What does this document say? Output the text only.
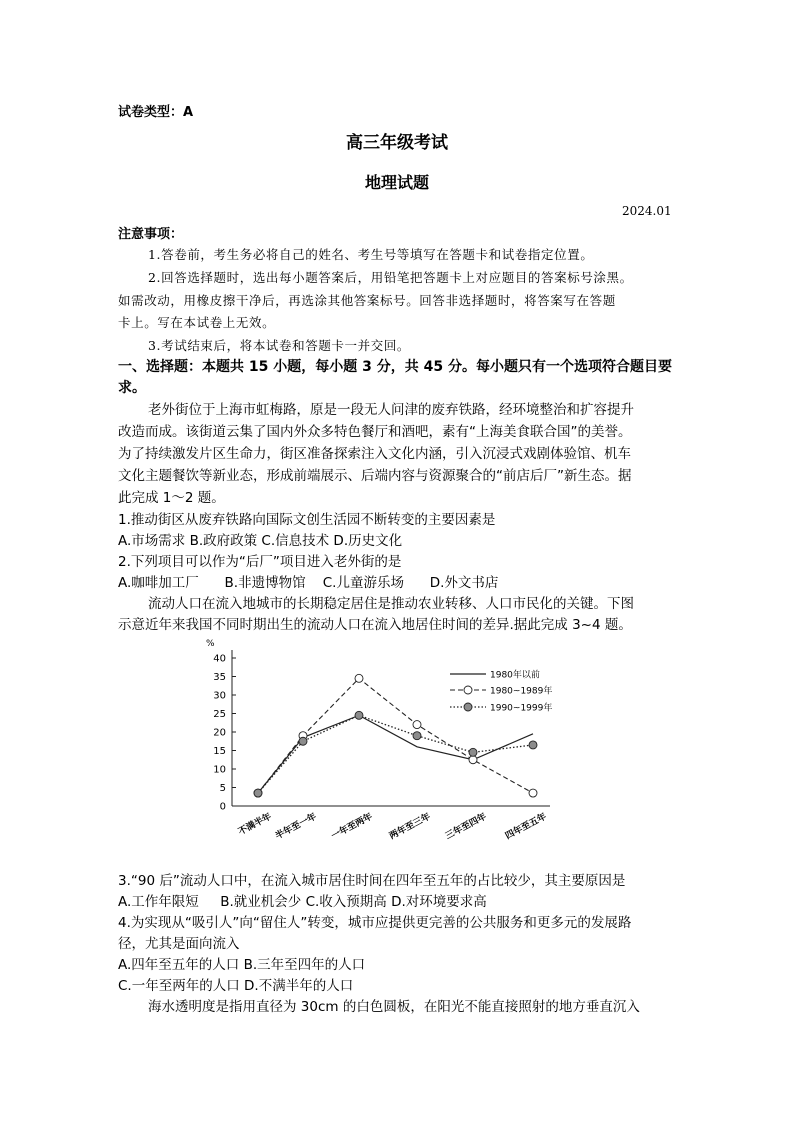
试卷类型：A
高三年级考试
地理试题
2024.01
注意事项：
1.答卷前，考生务必将自己的姓名、考生号等填写在答题卡和试卷指定位置。
2.回答选择题时，选出每小题答案后，用铅笔把答题卡上对应题目的答案标号涂黑。
如需改动，用橡皮擦干净后，再选涂其他答案标号。回答非选择题时，将答案写在答题
卡上。写在本试卷上无效。
3.考试结束后，将本试卷和答题卡一并交回。
一、选择题：本题共 15 小题，每小题 3 分，共 45 分。每小题只有一个选项符合题目要
求。
老外街位于上海市虹梅路，原是一段无人问津的废弃铁路，经环境整治和扩容提升
改造而成。该街道云集了国内外众多特色餐厅和酒吧，素有“上海美食联合国”的美誉。
为了持续激发片区生命力，街区准备探索注入文化内涵，引入沉浸式戏剧体验馆、机车
文化主题餐饮等新业态，形成前端展示、后端内容与资源聚合的“前店后厂”新生态。据
此完成 1～2 题。
1.推动街区从废弃铁路向国际文创生活园不断转变的主要因素是
A.市场需求 B.政府政策 C.信息技术 D.历史文化
2.下列项目可以作为“后厂”项目进入老外街的是
A.咖啡加工厂      B.非遗博物馆    C.儿童游乐场      D.外文书店
流动人口在流入地城市的长期稳定居住是推动农业转移、人口市民化的关键。下图
示意近年来我国不同时期出生的流动人口在流入地居住时间的差异.据此完成 3~4 题。
%
0
5
10
15
20
25
30
35
40
不满半年 半年至一年 一年至两年 两年至三年 三年至四年 四年至五年
1980年以前
1980~1989年
1990~1999年
3.“90 后”流动人口中，在流入城市居住时间在四年至五年的占比较少，其主要原因是
A.工作年限短     B.就业机会少 C.收入预期高 D.对环境要求高
4.为实现从“吸引人”向“留住人”转变，城市应提供更完善的公共服务和更多元的发展路
径，尤其是面向流入
A.四年至五年的人口 B.三年至四年的人口
C.一年至两年的人口 D.不满半年的人口
海水透明度是指用直径为 30cm 的白色圆板，在阳光不能直接照射的地方垂直沉入
